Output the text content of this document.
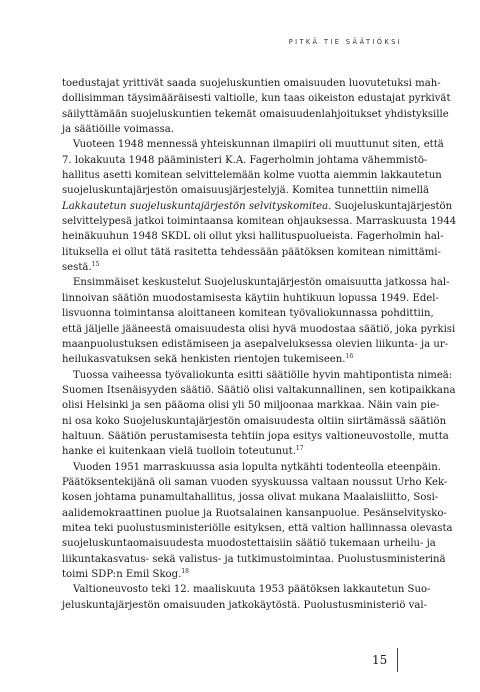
PITKÄ TIE SÄÄTIÖKSI
toedustajat yrittivät saada suojeluskuntien omaisuuden luovutetuksi mah-
dollisimman täysimääräisesti valtiolle, kun taas oikeiston edustajat pyrkivät
säilyttämään suojeluskuntien tekemät omaisuudenlahjoitukset yhdistyksille
ja säätiöille voimassa.
Vuoteen 1948 mennessä yhteiskunnan ilmapiiri oli muuttunut siten, että
7. lokakuuta 1948 pääministeri K.A. Fagerholmin johtama vähemmistö-
hallitus asetti komitean selvittelemään kolme vuotta aiemmin lakkautetun
suojeluskuntajärjestön omaisuusjärjestelyjä. Komitea tunnettiin nimellä
Lakkautetun suojeluskuntajärjestön selvityskomitea. Suojeluskuntajärjestön
selvittelypesä jatkoi toimintaansa komitean ohjauksessa. Marraskuusta 1944
heinäkuuhun 1948 SKDL oli ollut yksi hallituspuolueista. Fagerholmin hal-
lituksella ei ollut tätä rasitetta tehdessään päätöksen komitean nimittämi-
sestä.$^{15}$
Ensimmäiset keskustelut Suojeluskuntajärjestön omaisuutta jatkossa hal-
linnoivan säätiön muodostamisesta käytiin huhtikuun lopussa 1949. Edel-
lisvuonna toimintansa aloittaneen komitean työvaliokunnassa pohdittiin,
että jäljelle jääneestä omaisuudesta olisi hyvä muodostaa säätiö, joka pyrkisi
maanpuolustuksen edistämiseen ja asepalveluksessa olevien liikunta- ja ur-
heilukasvatuksen sekä henkisten rientojen tukemiseen.$^{16}$
Tuossa vaiheessa työvaliokunta esitti säätiölle hyvin mahtipontista nimeä:
Suomen Itsenäisyyden säätiö. Säätiö olisi valtakunnallinen, sen kotipaikkana
olisi Helsinki ja sen pääoma olisi yli 50 miljoonaa markkaa. Näin vain pie-
ni osa koko Suojeluskuntajärjestön omaisuudesta oltiin siirtämässä säätiön
haltuun. Säätiön perustamisesta tehtiin jopa esitys valtioneuvostolle, mutta
hanke ei kuitenkaan vielä tuolloin toteutunut.$^{17}$
Vuoden 1951 marraskuussa asia lopulta nytkähti todenteolla eteenpäin.
Päätöksentekijänä oli saman vuoden syyskuussa valtaan noussut Urho Kek-
kosen johtama punamultahallitus, jossa olivat mukana Maalaisliitto, Sosi-
aalidemokraattinen puolue ja Ruotsalainen kansanpuolue. Pesänselvitysko-
mitea teki puolustusministeriölle esityksen, että valtion hallinnassa olevasta
suojeluskuntaomaisuudesta muodostettaisiin säätiö tukemaan urheilu- ja
liikuntakasvatus- sekä valistus- ja tutkimustoimintaa. Puolustusministerinä
toimi SDP:n Emil Skog.$^{18}$
Valtioneuvosto teki 12. maaliskuuta 1953 päätöksen lakkautetun Suo-
jeluskuntajärjestön omaisuuden jatkokäytöstä. Puolustusministeriö val-
15
